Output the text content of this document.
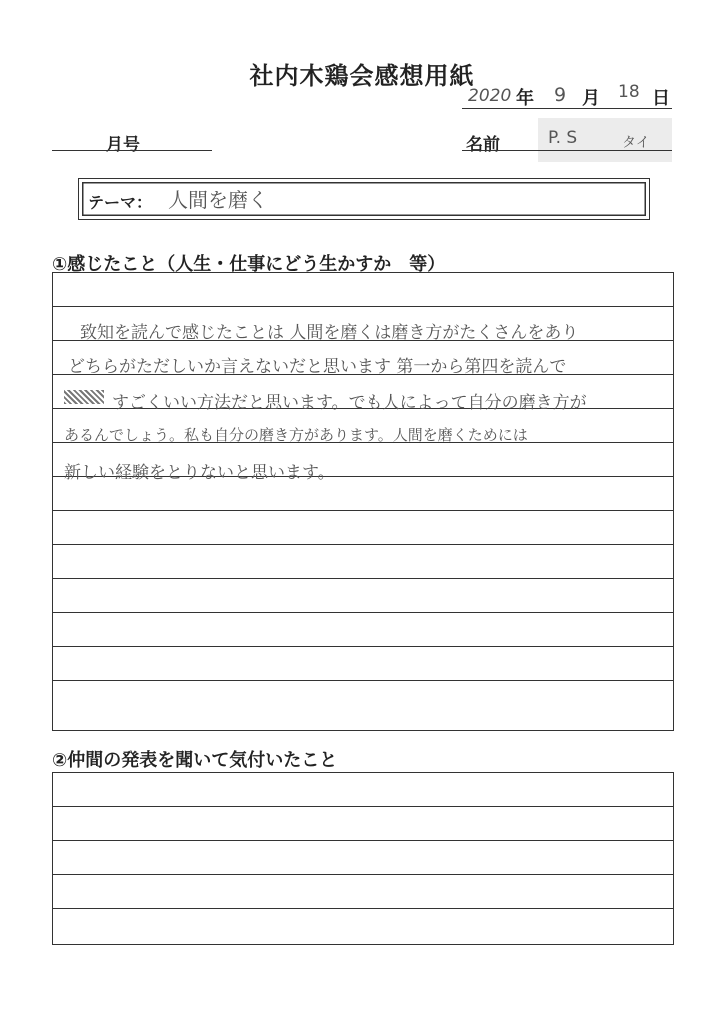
社内木鶏会感想用紙
2020 年 9 月 18 日
月号	名前	P. S	タイ
テーマ： 人間を磨く
①感じたこと（人生・仕事にどう生かすか　等）
致知を読んで感じたことは 人間を磨くは磨き方がたくさんをあり
どちらがただしいか言えないだと思います 第一から第四を読んで
すごくいい方法だと思います。でも人によって自分の磨き方が
あるんでしょう。私も自分の磨き方があります。人間を磨くためには
新しい経験をとりないと思います。
②仲間の発表を聞いて気付いたこと
